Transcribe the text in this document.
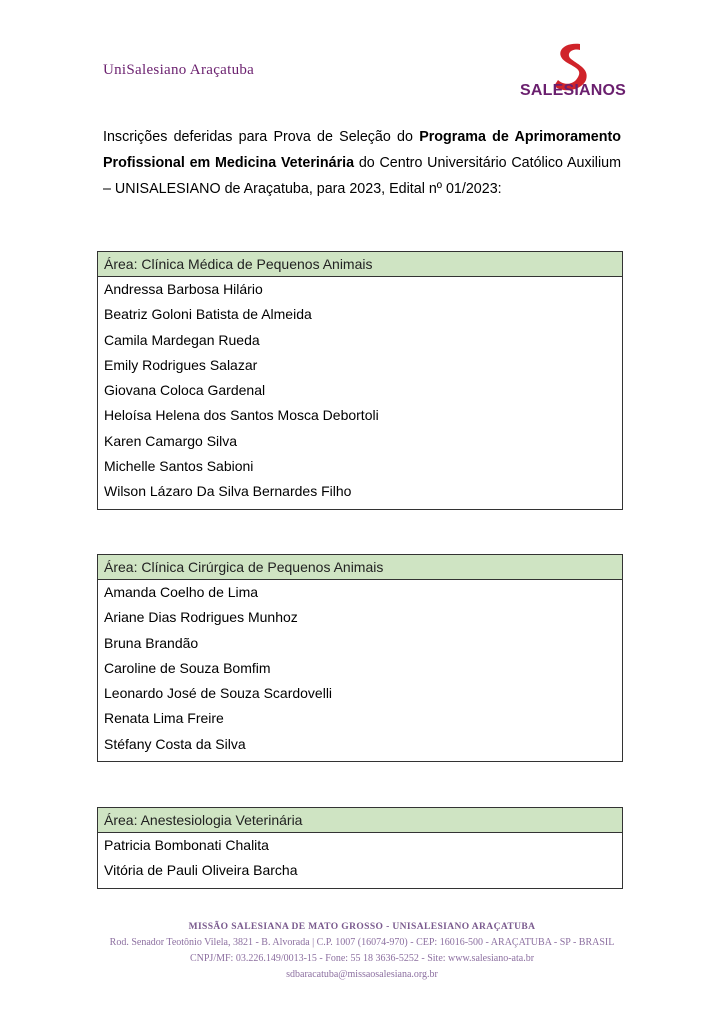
UniSalesiano Araçatuba
SALESIANOS
Inscrições deferidas para Prova de Seleção do Programa de Aprimoramento Profissional em Medicina Veterinária do Centro Universitário Católico Auxilium – UNISALESIANO de Araçatuba, para 2023, Edital nº 01/2023:
Área: Clínica Médica de Pequenos Animais
Andressa Barbosa Hilário
Beatriz Goloni Batista de Almeida
Camila Mardegan Rueda
Emily Rodrigues Salazar
Giovana Coloca Gardenal
Heloísa Helena dos Santos Mosca Debortoli
Karen Camargo Silva
Michelle Santos Sabioni
Wilson Lázaro Da Silva Bernardes Filho
Área: Clínica Cirúrgica de Pequenos Animais
Amanda Coelho de Lima
Ariane Dias Rodrigues Munhoz
Bruna Brandão
Caroline de Souza Bomfim
Leonardo José de Souza Scardovelli
Renata Lima Freire
Stéfany Costa da Silva
Área: Anestesiologia Veterinária
Patricia Bombonati Chalita
Vitória de Pauli Oliveira Barcha
MISSÃO SALESIANA DE MATO GROSSO - UNISALESIANO ARAÇATUBA
Rod. Senador Teotônio Vilela, 3821 - B. Alvorada | C.P. 1007 (16074-970) - CEP: 16016-500 - ARAÇATUBA - SP - BRASIL
CNPJ/MF: 03.226.149/0013-15 - Fone: 55 18 3636-5252 - Site: www.salesiano-ata.br
sdbaracatuba@missaosalesiana.org.br
